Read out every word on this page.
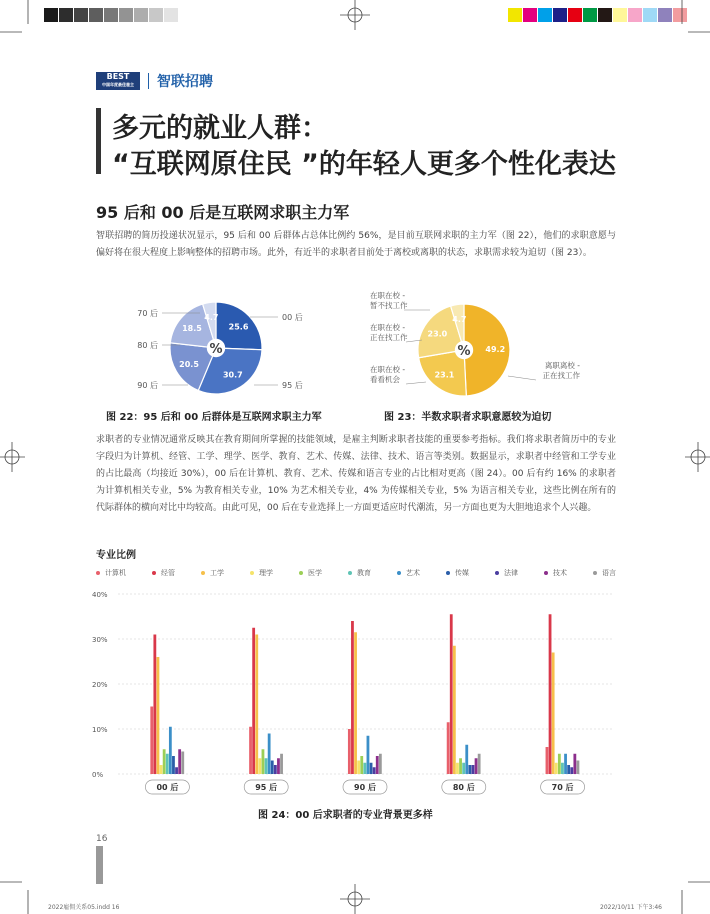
BEST
中国年度最佳雇主 智联招聘
多元的就业人群：
“互联网原住民 ”的年轻人更多个性化表达
95 后和 00 后是互联网求职主力军
智联招聘的简历投递状况显示，95 后和 00 后群体占总体比例约 56%，是目前互联网求职的主力军（图 22），他们的求职意愿与偏好将在很大程度上影响整体的招聘市场。此外，有近半的求职者目前处于离校或离职的状态，求职需求较为迫切（图 23）。
25.6
30.7
20.5
18.5
4.7
%
00 后
95 后
90 后
80 后
70 后
图 22：95 后和 00 后群体是互联网求职主力军
49.2
23.1
23.0
4.7
%
在职在校 -
暂不找工作
在职在校 -
正在找工作
在职在校 -
看看机会
离职离校 -
正在找工作
图 23：半数求职者求职意愿较为迫切
求职者的专业情况通常反映其在教育期间所掌握的技能领域，是雇主判断求职者技能的重要参考指标。我们将求职者简历中的专业字段归为计算机、经管、工学、理学、医学、教育、艺术、传媒、法律、技术、语言等类别。数据显示，求职者中经管和工学专业的占比最高（均接近 30%），00 后在计算机、教育、艺术、传媒和语言专业的占比相对更高（图 24）。00 后有约 16% 的求职者为计算机相关专业，5% 为教育相关专业，10% 为艺术相关专业，4% 为传媒相关专业，5% 为语言相关专业，这些比例在所有的代际群体的横向对比中均较高。由此可见，00 后在专业选择上一方面更适应时代潮流，另一方面也更为大胆地追求个人兴趣。
专业比例
计算机	经管	工学	理学	医学	教育	艺术	传媒	法律	技术	语言
0%
10%
20%
30%
40%
00 后	95 后	90 后	80 后	70 后
图 24：00 后求职者的专业背景更多样
16
2022雇佣关系05.indd 16	2022/10/11 下午3:46
